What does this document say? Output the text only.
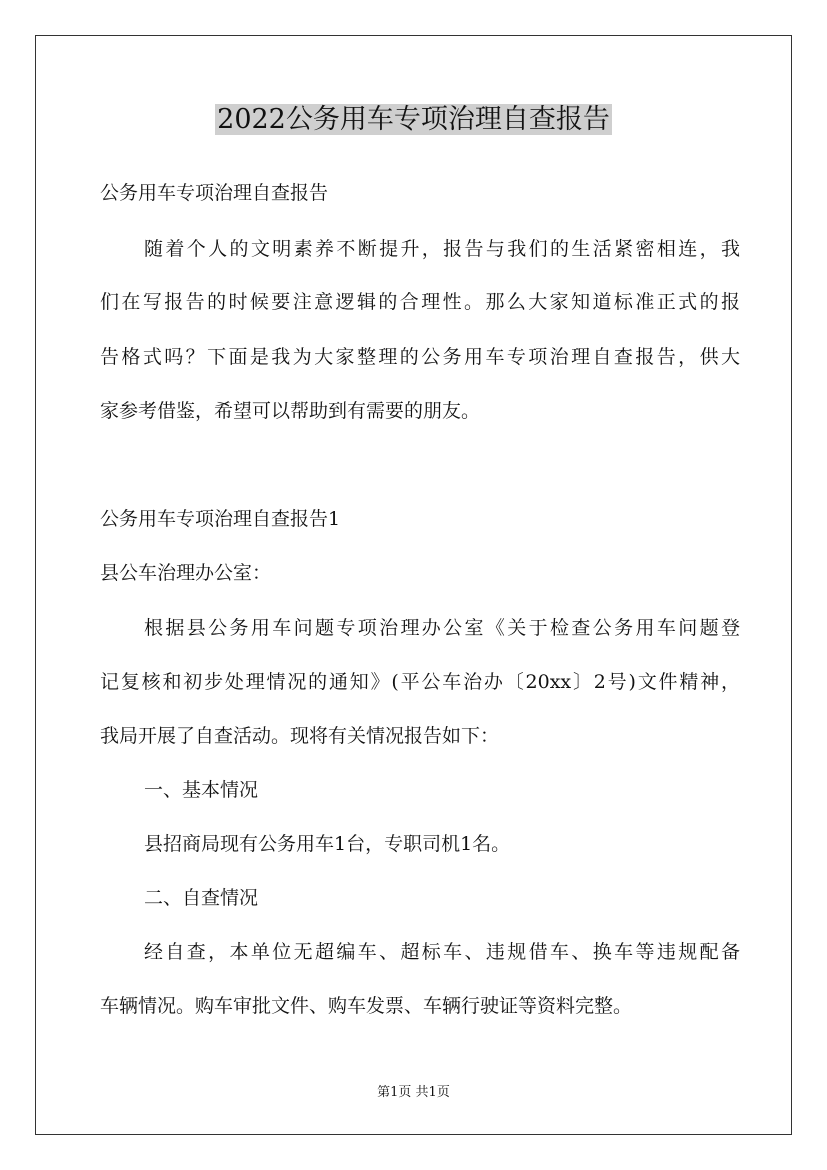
2022公务用车专项治理自查报告

公务用车专项治理自查报告

随着个人的文明素养不断提升，报告与我们的生活紧密相连，我

们在写报告的时候要注意逻辑的合理性。那么大家知道标准正式的报

告格式吗？下面是我为大家整理的公务用车专项治理自查报告，供大

家参考借鉴，希望可以帮助到有需要的朋友。

公务用车专项治理自查报告1

县公车治理办公室：

根据县公务用车问题专项治理办公室《关于检查公务用车问题登

记复核和初步处理情况的通知》(平公车治办〔20xx〕2号)文件精神，

我局开展了自查活动。现将有关情况报告如下：

一、基本情况

县招商局现有公务用车1台，专职司机1名。

二、自查情况

经自查，本单位无超编车、超标车、违规借车、换车等违规配备

车辆情况。购车审批文件、购车发票、车辆行驶证等资料完整。

第1页 共1页
